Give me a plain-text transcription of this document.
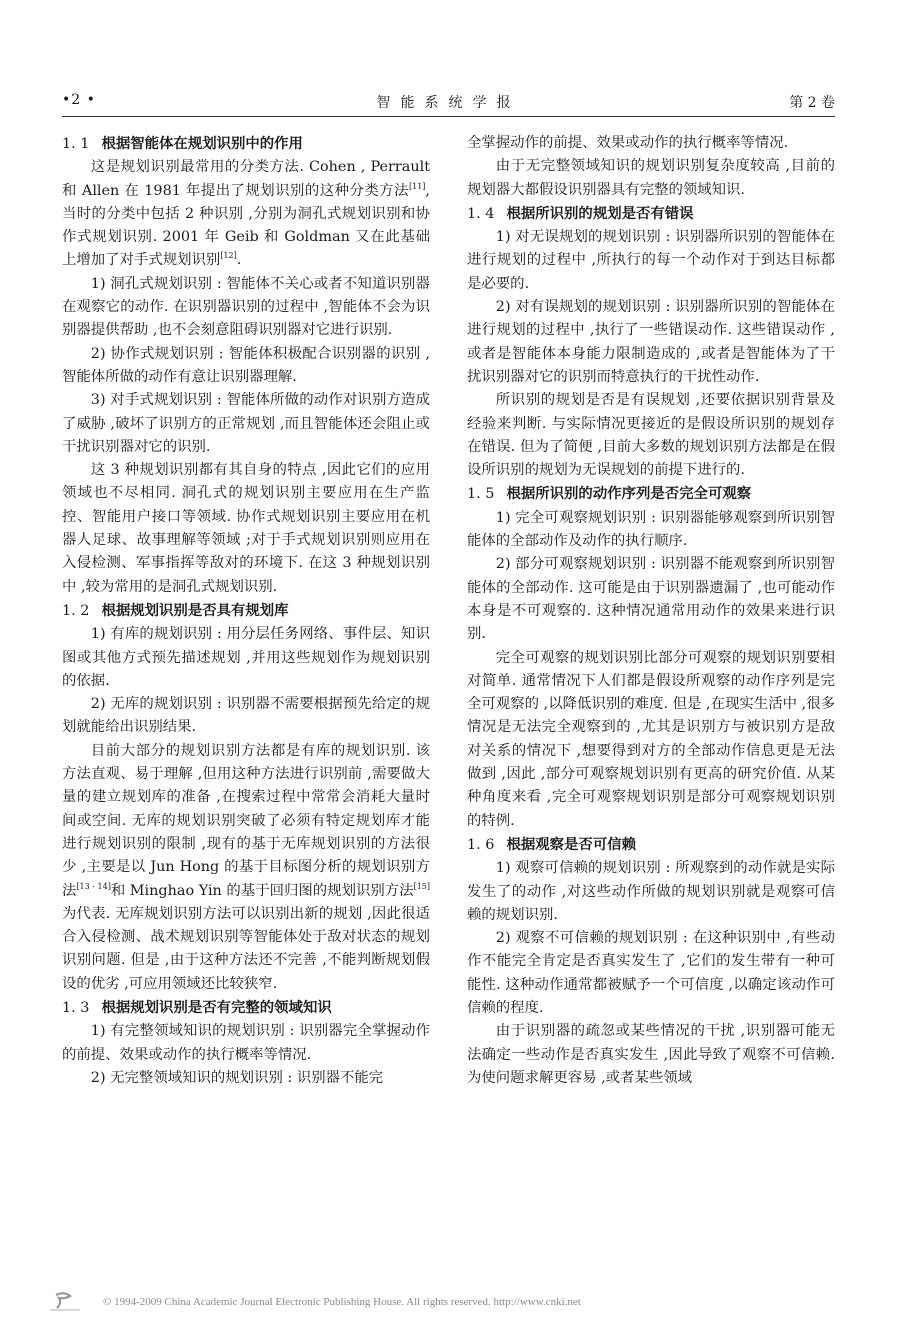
•2 •	智能系统学报	第 2 卷
1. 1 根据智能体在规划识别中的作用

这是规划识别最常用的分类方法. Cohen , Perrault 和 Allen 在 1981 年提出了规划识别的这种分类方法[11],当时的分类中包括 2 种识别 ,分别为洞孔式规划识别和协作式规划识别. 2001 年 Geib 和 Goldman 又在此基础上增加了对手式规划识别[12].

1) 洞孔式规划识别 : 智能体不关心或者不知道识别器在观察它的动作. 在识别器识别的过程中 ,智能体不会为识别器提供帮助 ,也不会刻意阻碍识别器对它进行识别.

2) 协作式规划识别 : 智能体积极配合识别器的识别 ,智能体所做的动作有意让识别器理解.

3) 对手式规划识别 : 智能体所做的动作对识别方造成了威胁 ,破坏了识别方的正常规划 ,而且智能体还会阻止或干扰识别器对它的识别.

这 3 种规划识别都有其自身的特点 ,因此它们的应用领域也不尽相同. 洞孔式的规划识别主要应用在生产监控、智能用户接口等领域. 协作式规划识别主要应用在机器人足球、故事理解等领域 ;对于手式规划识别则应用在入侵检测、军事指挥等敌对的环境下. 在这 3 种规划识别中 ,较为常用的是洞孔式规划识别.

1. 2 根据规划识别是否具有规划库

1) 有库的规划识别 : 用分层任务网络、事件层、知识图或其他方式预先描述规划 ,并用这些规划作为规划识别的依据.

2) 无库的规划识别 : 识别器不需要根据预先给定的规划就能给出识别结果.

目前大部分的规划识别方法都是有库的规划识别. 该方法直观、易于理解 ,但用这种方法进行识别前 ,需要做大量的建立规划库的准备 ,在搜索过程中常常会消耗大量时间或空间. 无库的规划识别突破了必须有特定规划库才能进行规划识别的限制 ,现有的基于无库规划识别的方法很少 ,主要是以 Jun Hong 的基于目标图分析的规划识别方法[13 - 14]和 Minghao Yin 的基于回归图的规划识别方法[15]为代表. 无库规划识别方法可以识别出新的规划 ,因此很适合入侵检测、战术规划识别等智能体处于敌对状态的规划识别问题. 但是 ,由于这种方法还不完善 ,不能判断规划假设的优劣 ,可应用领域还比较狭窄.

1. 3 根据规划识别是否有完整的领域知识

1) 有完整领域知识的规划识别 : 识别器完全掌握动作的前提、效果或动作的执行概率等情况.

2) 无完整领域知识的规划识别 : 识别器不能完

全掌握动作的前提、效果或动作的执行概率等情况.

由于无完整领域知识的规划识别复杂度较高 ,目前的规划器大都假设识别器具有完整的领域知识.

1. 4 根据所识别的规划是否有错误

1) 对无误规划的规划识别 : 识别器所识别的智能体在进行规划的过程中 ,所执行的每一个动作对于到达目标都是必要的.

2) 对有误规划的规划识别 : 识别器所识别的智能体在进行规划的过程中 ,执行了一些错误动作. 这些错误动作 ,或者是智能体本身能力限制造成的 ,或者是智能体为了干扰识别器对它的识别而特意执行的干扰性动作.

所识别的规划是否是有误规划 ,还要依据识别背景及经验来判断. 与实际情况更接近的是假设所识别的规划存在错误. 但为了简便 ,目前大多数的规划识别方法都是在假设所识别的规划为无误规划的前提下进行的.

1. 5 根据所识别的动作序列是否完全可观察

1) 完全可观察规划识别 : 识别器能够观察到所识别智能体的全部动作及动作的执行顺序.

2) 部分可观察规划识别 : 识别器不能观察到所识别智能体的全部动作. 这可能是由于识别器遗漏了 ,也可能动作本身是不可观察的. 这种情况通常用动作的效果来进行识别.

完全可观察的规划识别比部分可观察的规划识别要相对简单. 通常情况下人们都是假设所观察的动作序列是完全可观察的 ,以降低识别的难度. 但是 ,在现实生活中 ,很多情况是无法完全观察到的 ,尤其是识别方与被识别方是敌对关系的情况下 ,想要得到对方的全部动作信息更是无法做到 ,因此 ,部分可观察规划识别有更高的研究价值. 从某种角度来看 ,完全可观察规划识别是部分可观察规划识别的特例.

1. 6 根据观察是否可信赖

1) 观察可信赖的规划识别 : 所观察到的动作就是实际发生了的动作 ,对这些动作所做的规划识别就是观察可信赖的规划识别.

2) 观察不可信赖的规划识别 : 在这种识别中 ,有些动作不能完全肯定是否真实发生了 ,它们的发生带有一种可能性. 这种动作通常都被赋予一个可信度 ,以确定该动作可信赖的程度.

由于识别器的疏忽或某些情况的干扰 ,识别器可能无法确定一些动作是否真实发生 ,因此导致了观察不可信赖. 为使问题求解更容易 ,或者某些领域

© 1994-2009 China Academic Journal Electronic Publishing House. All rights reserved. http://www.cnki.net
